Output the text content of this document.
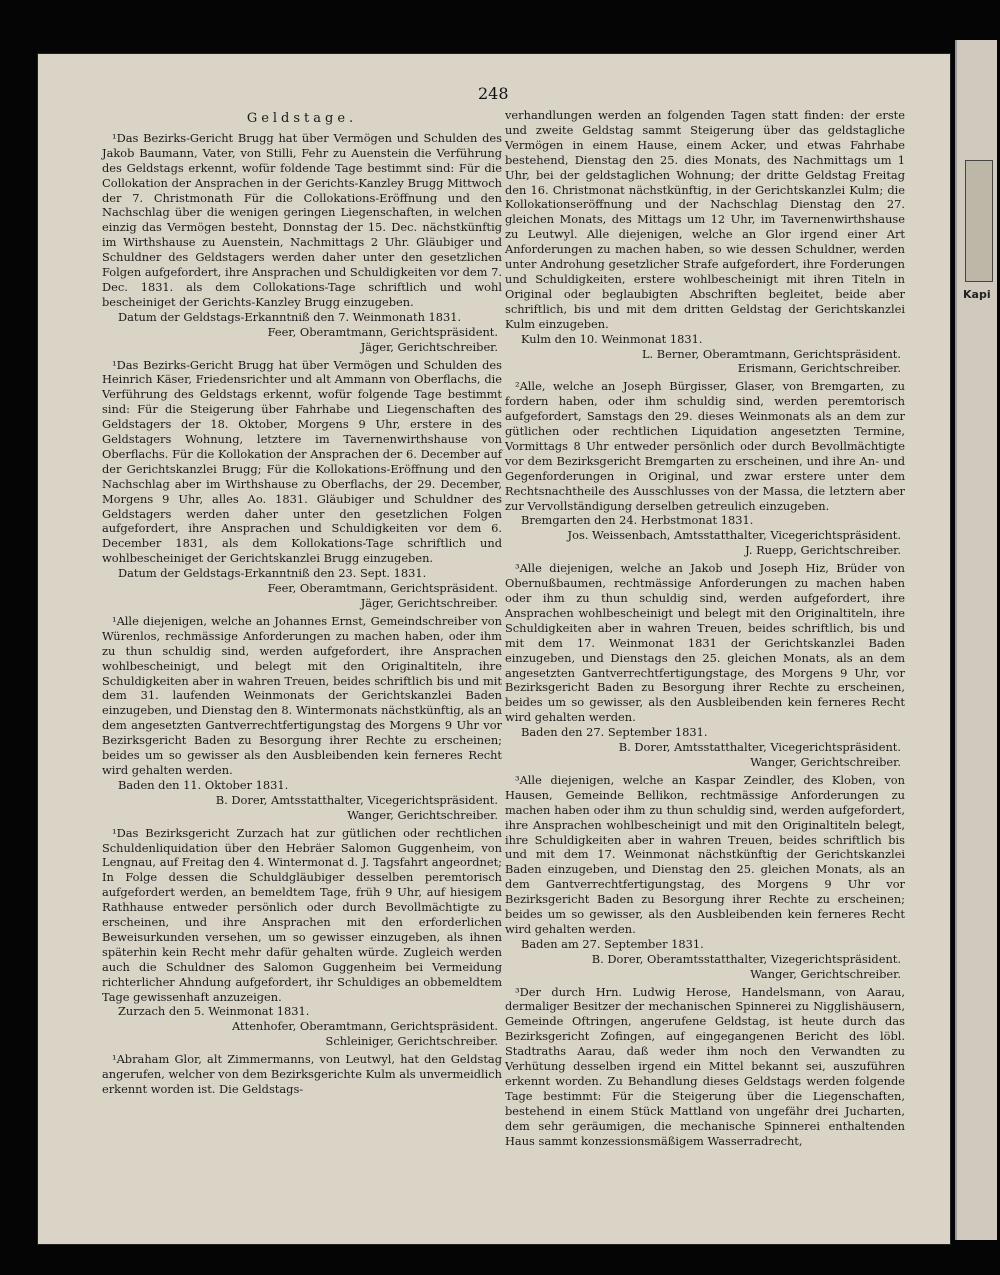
Kapi
248
Geldstage.

¹Das Bezirks-Gericht Brugg hat über Vermögen und Schulden des Jakob Baumann, Vater, von Stilli, Fehr zu Auenstein die Verführung des Geldstags erkennt, wofür foldende Tage bestimmt sind: Für die Collokation der Ansprachen in der Gerichts-Kanzley Brugg Mittwoch der 7. Christmonath Für die Collokations-Eröffnung und den Nachschlag über die wenigen geringen Liegenschaften, in welchen einzig das Vermögen besteht, Donnstag der 15. Dec. nächstkünftig im Wirthshause zu Auenstein, Nachmittags 2 Uhr. Gläubiger und Schuldner des Geldstagers werden daher unter den gesetzlichen Folgen aufgefordert, ihre Ansprachen und Schuldigkeiten vor dem 7. Dec. 1831. als dem Collokations-Tage schriftlich und wohl bescheiniget der Gerichts-Kanzley Brugg einzugeben.

Datum der Geldstags-Erkanntniß den 7. Weinmonath 1831.

Feer, Oberamtmann, Gerichtspräsident.

Jäger, Gerichtschreiber.

¹Das Bezirks-Gericht Brugg hat über Vermögen und Schulden des Heinrich Käser, Friedensrichter und alt Ammann von Oberflachs, die Verführung des Geldstags erkennt, wofür folgende Tage bestimmt sind: Für die Steigerung über Fahrhabe und Liegenschaften des Geldstagers der 18. Oktober, Morgens 9 Uhr, erstere in des Geldstagers Wohnung, letztere im Tavernenwirthshause von Oberflachs. Für die Kollokation der Ansprachen der 6. December auf der Gerichtskanzlei Brugg; Für die Kollokations-Eröffnung und den Nachschlag aber im Wirthshause zu Oberflachs, der 29. December, Morgens 9 Uhr, alles Ao. 1831. Gläubiger und Schuldner des Geldstagers werden daher unter den gesetzlichen Folgen aufgefordert, ihre Ansprachen und Schuldigkeiten vor dem 6. December 1831, als dem Kollokations-Tage schriftlich und wohlbescheiniget der Gerichtskanzlei Brugg einzugeben.

Datum der Geldstags-Erkanntniß den 23. Sept. 1831.

Feer, Oberamtmann, Gerichtspräsident.

Jäger, Gerichtschreiber.

¹Alle diejenigen, welche an Johannes Ernst, Gemeindschreiber von Würenlos, rechmässige Anforderungen zu machen haben, oder ihm zu thun schuldig sind, werden aufgefordert, ihre Ansprachen wohlbescheinigt, und belegt mit den Originaltiteln, ihre Schuldigkeiten aber in wahren Treuen, beides schriftlich bis und mit dem 31. laufenden Weinmonats der Gerichtskanzlei Baden einzugeben, und Dienstag den 8. Wintermonats nächstkünftig, als an dem angesetzten Gantverrechtfertigungstag des Morgens 9 Uhr vor Bezirksgericht Baden zu Besorgung ihrer Rechte zu erscheinen; beides um so gewisser als den Ausbleibenden kein ferneres Recht wird gehalten werden.

Baden den 11. Oktober 1831.

B. Dorer, Amtsstatthalter, Vicegerichtspräsident.

Wanger, Gerichtschreiber.

¹Das Bezirksgericht Zurzach hat zur gütlichen oder rechtlichen Schuldenliquidation über den Hebräer Salomon Guggenheim, von Lengnau, auf Freitag den 4. Wintermonat d. J. Tagsfahrt angeordnet; In Folge dessen die Schuldgläubiger desselben peremtorisch aufgefordert werden, an bemeldtem Tage, früh 9 Uhr, auf hiesigem Rathhause entweder persönlich oder durch Bevollmächtigte zu erscheinen, und ihre Ansprachen mit den erforderlichen Beweisurkunden versehen, um so gewisser einzugeben, als ihnen späterhin kein Recht mehr dafür gehalten würde. Zugleich werden auch die Schuldner des Salomon Guggenheim bei Vermeidung richterlicher Ahndung aufgefordert, ihr Schuldiges an obbemeldtem Tage gewissenhaft anzuzeigen.

Zurzach den 5. Weinmonat 1831.

Attenhofer, Oberamtmann, Gerichtspräsident.

Schleiniger, Gerichtschreiber.

¹Abraham Glor, alt Zimmermanns, von Leutwyl, hat den Geldstag angerufen, welcher von dem Bezirksgerichte Kulm als unvermeidlich erkennt worden ist. Die Geldstags-

verhandlungen werden an folgenden Tagen statt finden: der erste und zweite Geldstag sammt Steigerung über das geldstagliche Vermögen in einem Hause, einem Acker, und etwas Fahrhabe bestehend, Dienstag den 25. dies Monats, des Nachmittags um 1 Uhr, bei der geldstaglichen Wohnung; der dritte Geldstag Freitag den 16. Christmonat nächstkünftig, in der Gerichtskanzlei Kulm; die Kollokationseröffnung und der Nachschlag Dienstag den 27. gleichen Monats, des Mittags um 12 Uhr, im Tavernenwirthshause zu Leutwyl. Alle diejenigen, welche an Glor irgend einer Art Anforderungen zu machen haben, so wie dessen Schuldner, werden unter Androhung gesetzlicher Strafe aufgefordert, ihre Forderungen und Schuldigkeiten, erstere wohlbescheinigt mit ihren Titeln in Original oder beglaubigten Abschriften begleitet, beide aber schriftlich, bis und mit dem dritten Geldstag der Gerichtskanzlei Kulm einzugeben.

Kulm den 10. Weinmonat 1831.

L. Berner, Oberamtmann, Gerichtspräsident.

Erismann, Gerichtschreiber.

²Alle, welche an Joseph Bürgisser, Glaser, von Bremgarten, zu fordern haben, oder ihm schuldig sind, werden peremtorisch aufgefordert, Samstags den 29. dieses Weinmonats als an dem zur gütlichen oder rechtlichen Liquidation angesetzten Termine, Vormittags 8 Uhr entweder persönlich oder durch Bevollmächtigte vor dem Bezirksgericht Bremgarten zu erscheinen, und ihre An- und Gegenforderungen in Original, und zwar erstere unter dem Rechtsnachtheile des Ausschlusses von der Massa, die letztern aber zur Vervollständigung derselben getreulich einzugeben.

Bremgarten den 24. Herbstmonat 1831.

Jos. Weissenbach, Amtsstatthalter, Vicegerichtspräsident.

J. Ruepp, Gerichtschreiber.

³Alle diejenigen, welche an Jakob und Joseph Hiz, Brüder von Obernußbaumen, rechtmässige Anforderungen zu machen haben oder ihm zu thun schuldig sind, werden aufgefordert, ihre Ansprachen wohlbescheinigt und belegt mit den Originaltiteln, ihre Schuldigkeiten aber in wahren Treuen, beides schriftlich, bis und mit dem 17. Weinmonat 1831 der Gerichtskanzlei Baden einzugeben, und Dienstags den 25. gleichen Monats, als an dem angesetzten Gantverrechtfertigungstage, des Morgens 9 Uhr, vor Bezirksgericht Baden zu Besorgung ihrer Rechte zu erscheinen, beides um so gewisser, als den Ausbleibenden kein ferneres Recht wird gehalten werden.

Baden den 27. September 1831.

B. Dorer, Amtsstatthalter, Vicegerichtspräsident.

Wanger, Gerichtschreiber.

³Alle diejenigen, welche an Kaspar Zeindler, des Kloben, von Hausen, Gemeinde Bellikon, rechtmässige Anforderungen zu machen haben oder ihm zu thun schuldig sind, werden aufgefordert, ihre Ansprachen wohlbescheinigt und mit den Originaltiteln belegt, ihre Schuldigkeiten aber in wahren Treuen, beides schriftlich bis und mit dem 17. Weinmonat nächstkünftig der Gerichtskanzlei Baden einzugeben, und Dienstag den 25. gleichen Monats, als an dem Gantverrechtfertigungstag, des Morgens 9 Uhr vor Bezirksgericht Baden zu Besorgung ihrer Rechte zu erscheinen; beides um so gewisser, als den Ausbleibenden kein ferneres Recht wird gehalten werden.

Baden am 27. September 1831.

B. Dorer, Oberamtsstatthalter, Vizegerichtspräsident.

Wanger, Gerichtschreiber.

³Der durch Hrn. Ludwig Herose, Handelsmann, von Aarau, dermaliger Besitzer der mechanischen Spinnerei zu Nigglishäusern, Gemeinde Oftringen, angerufene Geldstag, ist heute durch das Bezirksgericht Zofingen, auf eingegangenen Bericht des löbl. Stadtraths Aarau, daß weder ihm noch den Verwandten zu Verhütung desselben irgend ein Mittel bekannt sei, auszuführen erkennt worden. Zu Behandlung dieses Geldstags werden folgende Tage bestimmt: Für die Steigerung über die Liegenschaften, bestehend in einem Stück Mattland von ungefähr drei Jucharten, dem sehr geräumigen, die mechanische Spinnerei enthaltenden Haus sammt konzessionsmäßigem Wasserradrecht,
